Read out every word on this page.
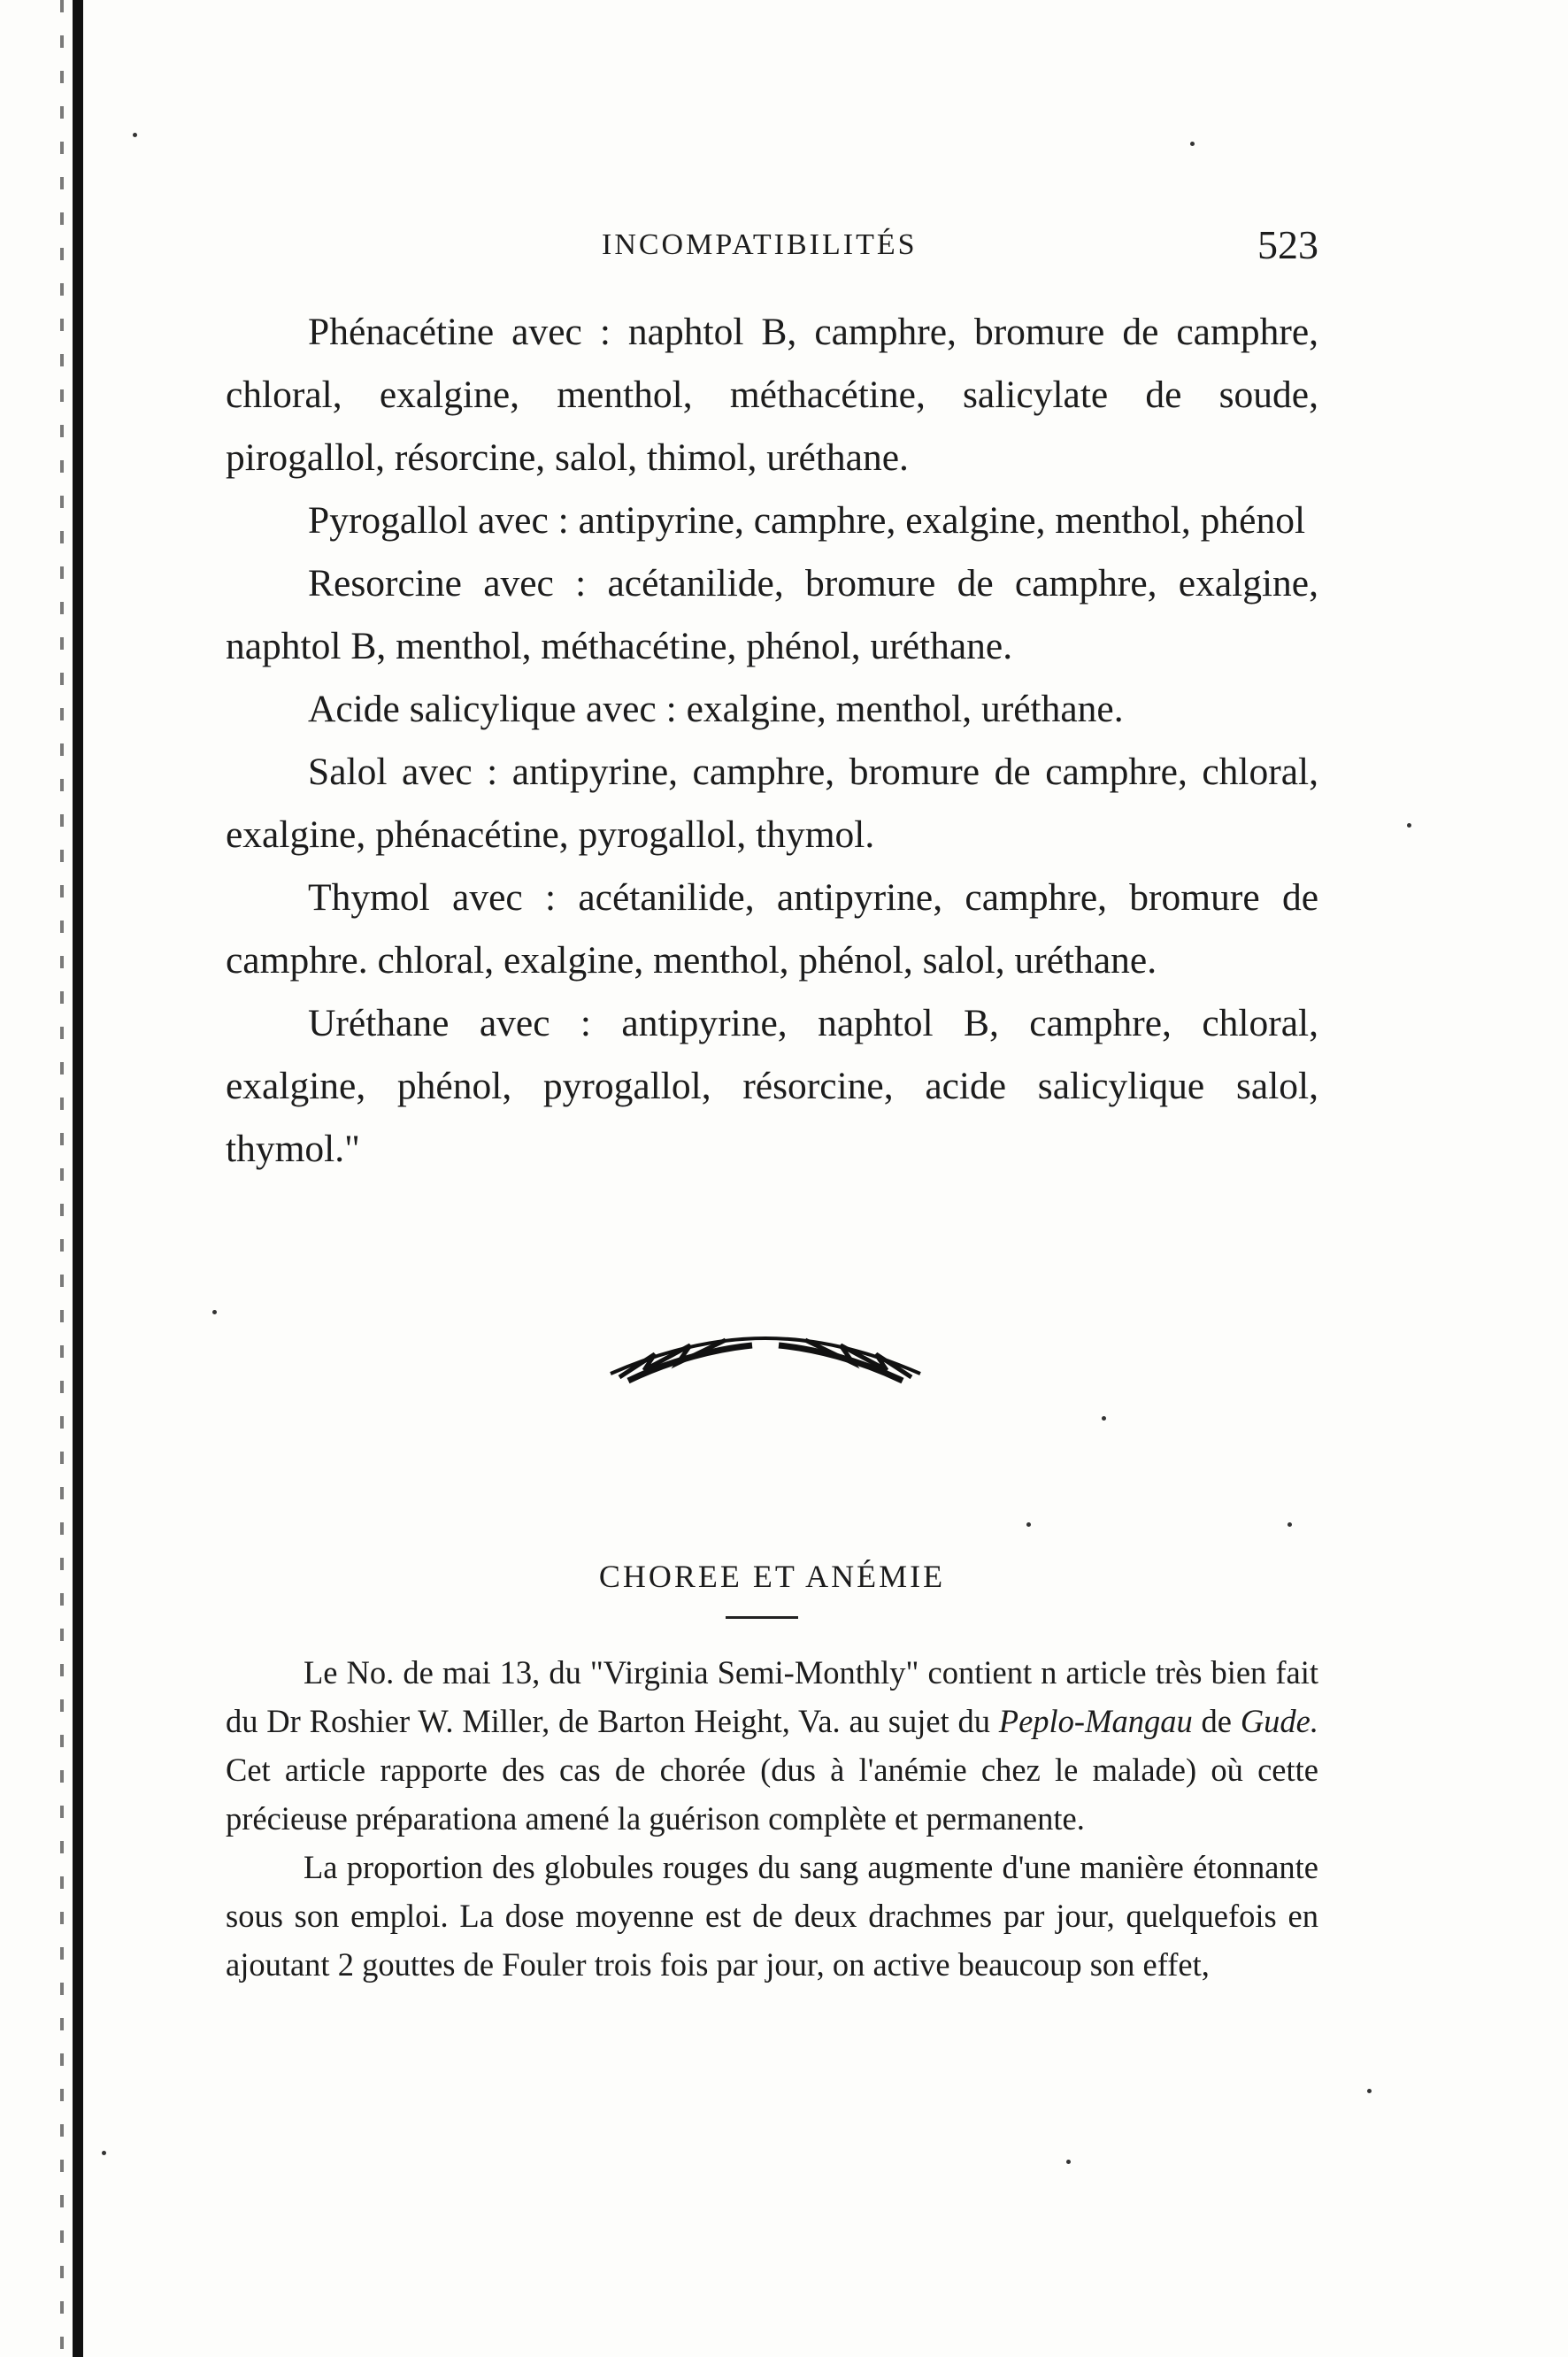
INCOMPATIBILITÉS	523

Phénacétine avec : naphtol B, camphre, bromure de camphre, chloral, exalgine, menthol, méthacétine, salicylate de soude, pirogallol, résorcine, salol, thimol, uréthane.

Pyrogallol avec : antipyrine, camphre, exalgine, menthol, phénol

Resorcine avec : acétanilide, bromure de camphre, exalgine, naphtol B, menthol, méthacétine, phénol, uréthane.

Acide salicylique avec : exalgine, menthol, uréthane.

Salol avec : antipyrine, camphre, bromure de camphre, chloral, exalgine, phénacétine, pyrogallol, thymol.

Thymol avec : acétanilide, antipyrine, camphre, bromure de camphre. chloral, exalgine, menthol, phénol, salol, uréthane.

Uréthane avec : antipyrine, naphtol B, camphre, chloral, exalgine, phénol, pyrogallol, résorcine, acide salicylique salol, thymol."

CHOREE ET ANÉMIE

Le No. de mai 13, du "Virginia Semi-Monthly" contient n article très bien fait du Dr Roshier W. Miller, de Barton Height, Va. au sujet du Peplo-Mangau de Gude. Cet article rapporte des cas de chorée (dus à l'anémie chez le malade) où cette précieuse préparationa amené la guérison complète et permanente.

La proportion des globules rouges du sang augmente d'une manière étonnante sous son emploi. La dose moyenne est de deux drachmes par jour, quelquefois en ajoutant 2 gouttes de Fouler trois fois par jour, on active beaucoup son effet,
